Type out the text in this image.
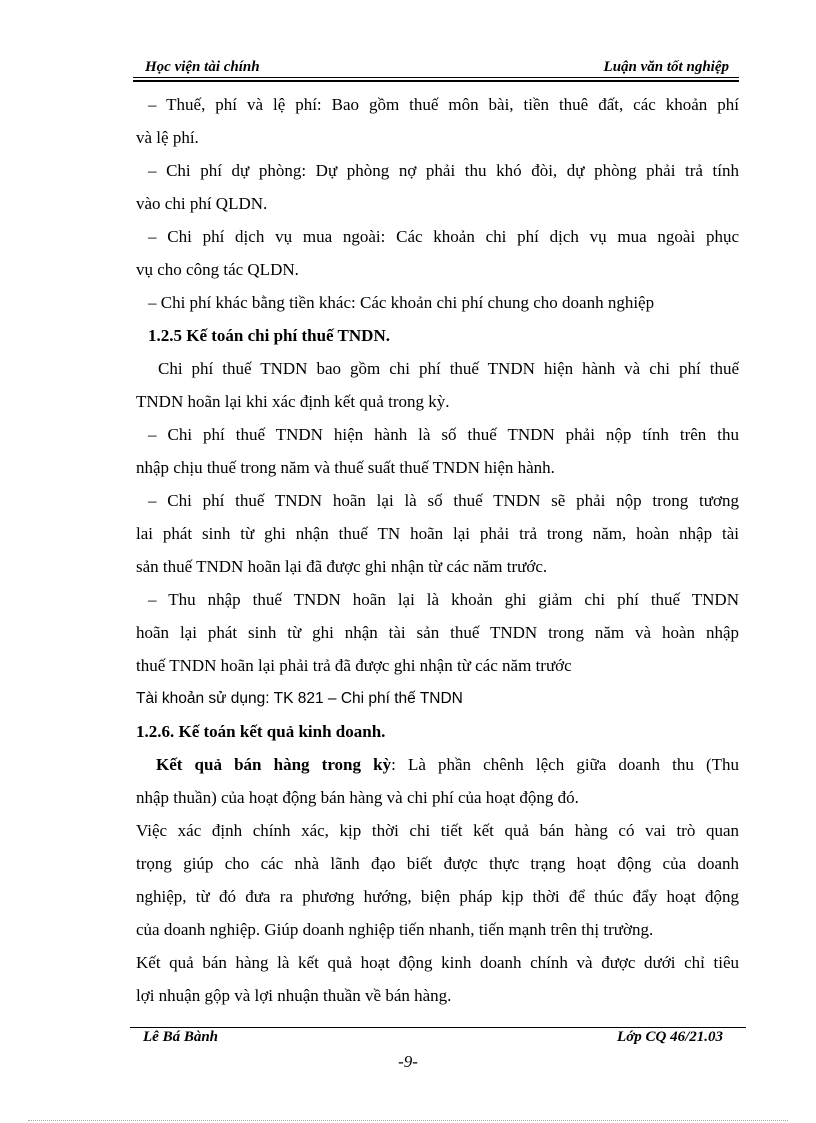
Học viện tài chính	Luận văn tốt nghiệp
– Thuế, phí và lệ phí: Bao gồm thuế môn bài, tiền thuê đất, các khoản phí
và lệ phí.
– Chi phí dự phòng: Dự phòng nợ phải thu khó đòi, dự phòng phải trả tính
vào chi phí QLDN.
– Chi phí dịch vụ mua ngoài: Các khoản chi phí dịch vụ mua ngoài phục
vụ cho công tác QLDN.
– Chi phí khác bằng tiền khác: Các khoản chi phí chung cho doanh nghiệp
1.2.5 Kế toán chi phí thuế TNDN.
Chi phí thuế TNDN bao gồm chi phí thuế TNDN hiện hành và chi phí thuế
TNDN hoãn lại khi xác định kết quả trong kỳ.
– Chi phí thuế TNDN hiện hành là số thuế TNDN phải nộp tính trên thu
nhập chịu thuế trong năm và thuế suất thuế TNDN hiện hành.
– Chi phí thuế TNDN hoãn lại là số thuế TNDN sẽ phải nộp trong tương
lai phát sinh từ ghi nhận thuế TN hoãn lại phải trả trong năm, hoàn nhập tài
sản thuế TNDN hoãn lại đã được ghi nhận từ các năm trước.
– Thu nhập thuế TNDN hoãn lại là khoản ghi giảm chi phí thuế TNDN
hoãn lại phát sinh từ ghi nhận tài sản thuế TNDN trong năm và hoàn nhập
thuế TNDN hoãn lại phải trả đã được ghi nhận từ các năm trước
Tài khoản sử dụng: TK 821 – Chi phí thế TNDN
1.2.6. Kế toán kết quả kinh doanh.
Kết quả bán hàng trong kỳ: Là phần chênh lệch giữa doanh thu (Thu
nhập thuần) của hoạt động bán hàng và chi phí của hoạt động đó.
Việc xác định chính xác, kịp thời chi tiết kết quả bán hàng có vai trò quan
trọng giúp cho các nhà lãnh đạo biết được thực trạng hoạt động của doanh
nghiệp, từ đó đưa ra phương hướng, biện pháp kịp thời để thúc đẩy hoạt động
của doanh nghiệp. Giúp doanh nghiệp tiến nhanh, tiến mạnh trên thị trường.
Kết quả bán hàng là kết quả hoạt động kinh doanh chính và được dưới chỉ tiêu
lợi nhuận gộp và lợi nhuận thuần về bán hàng.
Lê Bá Bành	Lớp CQ 46/21.03
-9-
